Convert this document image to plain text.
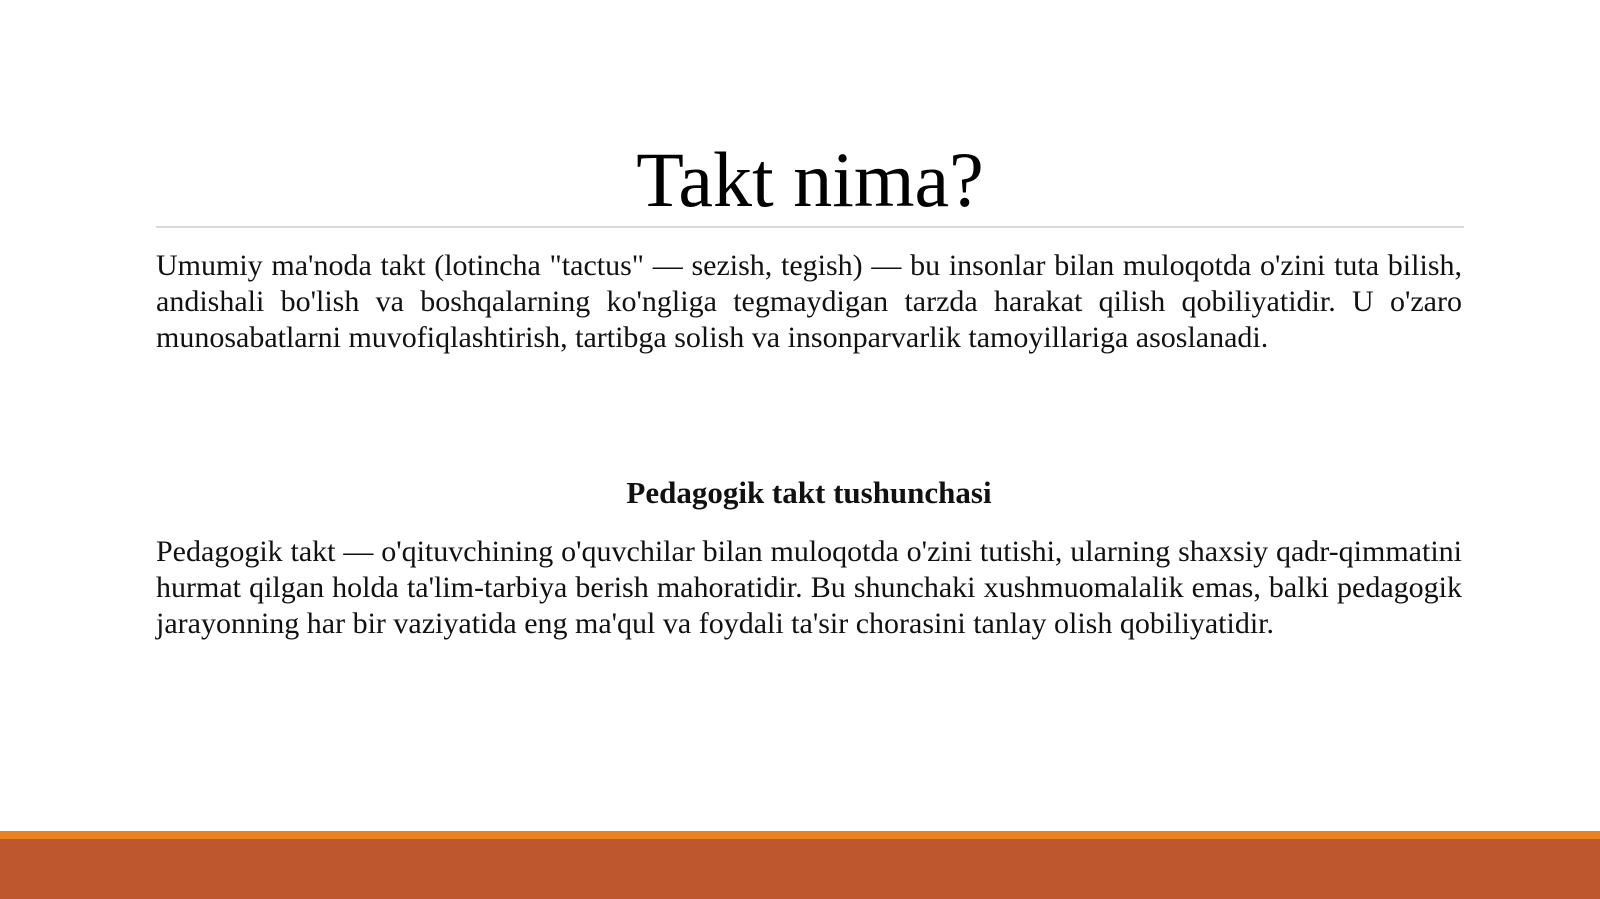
Takt nima?

Umumiy ma'noda takt (lotincha "tactus" — sezish, tegish) — bu insonlar bilan muloqotda o'zini tuta bilish, andishali bo'lish va boshqalarning ko'ngliga tegmaydigan tarzda harakat qilish qobiliyatidir. U o'zaro munosabatlarni muvofiqlashtirish, tartibga solish va insonparvarlik tamoyillariga asoslanadi.

Pedagogik takt tushunchasi

Pedagogik takt — o'qituvchining o'quvchilar bilan muloqotda o'zini tutishi, ularning shaxsiy qadr-qimmatini hurmat qilgan holda ta'lim-tarbiya berish mahoratidir. Bu shunchaki xushmuomalalik emas, balki pedagogik jarayonning har bir vaziyatida eng ma'qul va foydali ta'sir chorasini tanlay olish qobiliyatidir.
